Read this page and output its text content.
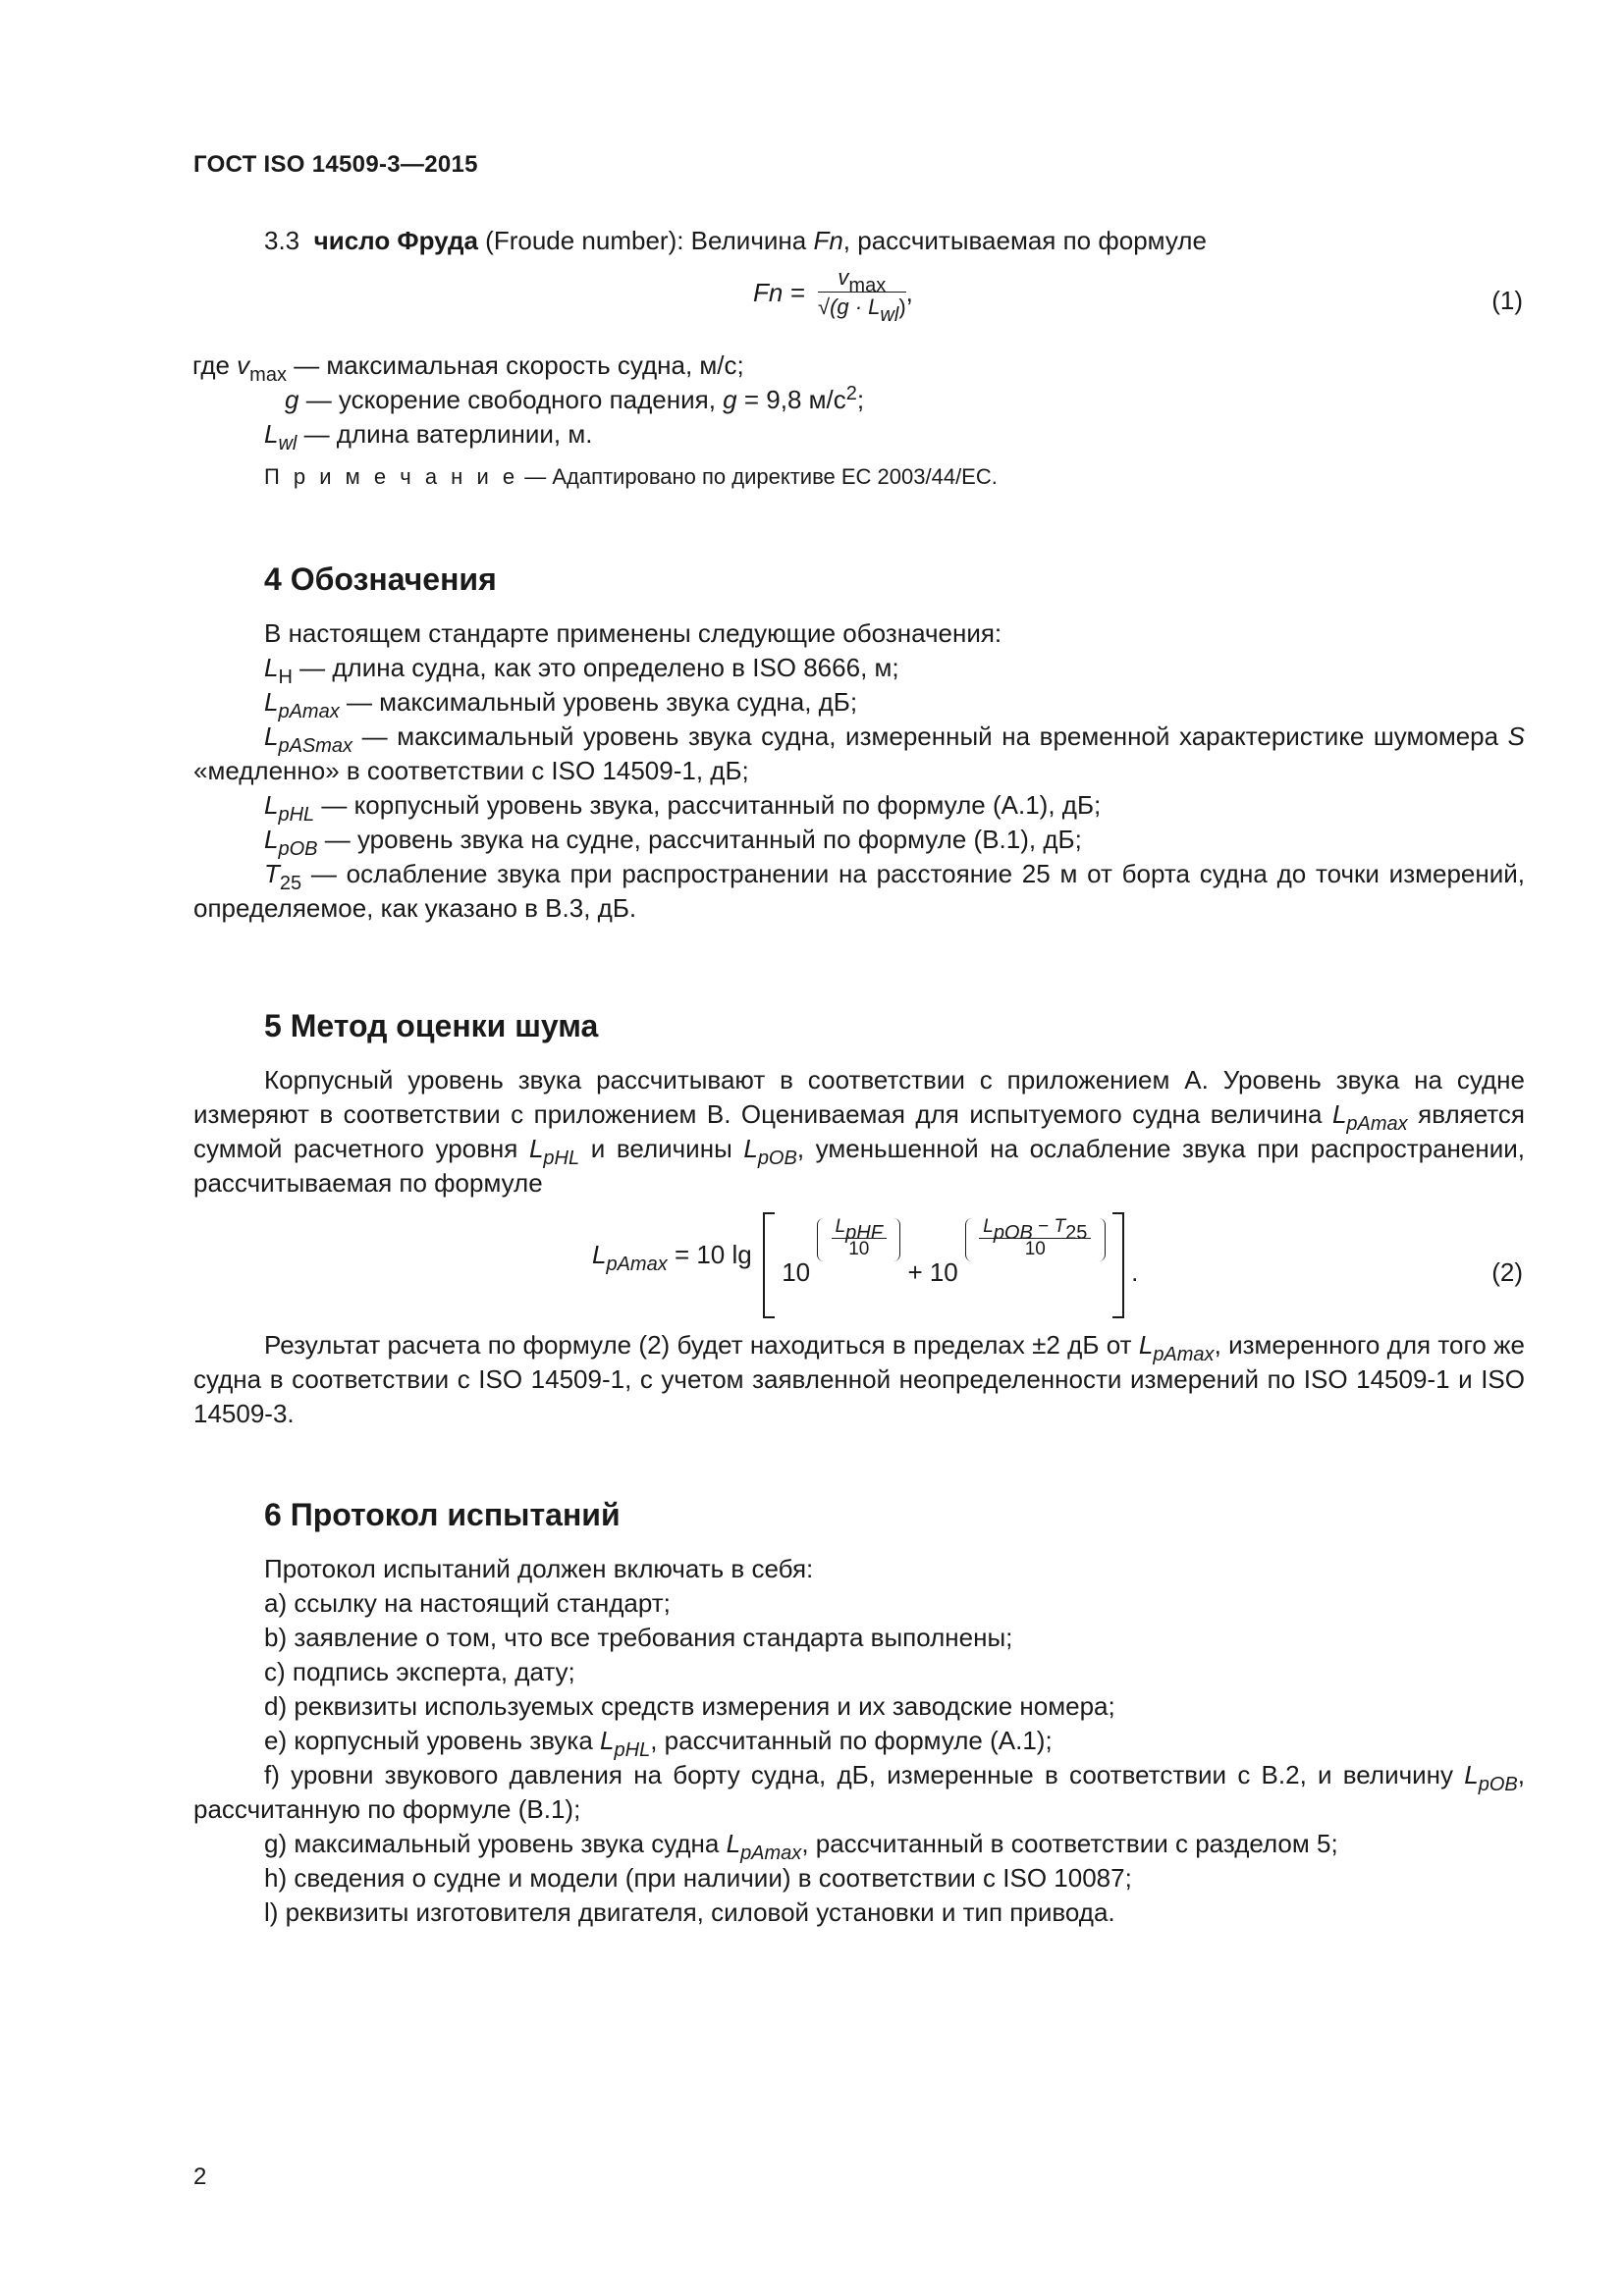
ГОСТ ISO 14509-3—2015

3.3 число Фруда (Froude number): Величина Fn, рассчитываемая по формуле

$Fn = \frac{v_{max}}{√(g \cdot L_{wl})}$ ,	(1)

где $v_{max}$ — максимальная скорость судна, м/с;

g — ускорение свободного падения, g = 9,8 $м/с^2$;

$L_{wl}$ — длина ватерлинии, м.

П р и м е ч а н и е — Адаптировано по директиве ЕС 2003/44/ЕС.

4 Обозначения

В настоящем стандарте применены следующие обозначения:

$L_H$ — длина судна, как это определено в ISO 8666, м;

$L_{pAmax}$ — максимальный уровень звука судна, дБ;

$L_{pASmax}$ — максимальный уровень звука судна, измеренный на временной характеристике шумомера S «медленно» в соответствии с ISO 14509-1, дБ;

$L_{pHL}$ — корпусный уровень звука, рассчитанный по формуле (А.1), дБ;

$L_{pOB}$ — уровень звука на судне, рассчитанный по формуле (В.1), дБ;

$T_{25}$ — ослабление звука при распространении на расстояние 25 м от борта судна до точки измерений, определяемое, как указано в В.3, дБ.

5 Метод оценки шума

Корпусный уровень звука рассчитывают в соответствии с приложением А. Уровень звука на судне измеряют в соответствии с приложением В. Оцениваемая для испытуемого судна величина $L_{pAmax}$ является суммой расчетного уровня $L_{pHL}$ и величины $L_{pOB}$, уменьшенной на ослабление звука при распространении, рассчитываемая по формуле

$L_{pAmax} = 10$ lg  10
$\frac{L_{pHF}}{10}$
+ 10
$\frac{L_{pOB} - T_{25}}{10}$
.	(2)

Результат расчета по формуле (2) будет находиться в пределах ±2 дБ от $L_{pAmax}$, измеренного для того же судна в соответствии с ISO 14509-1, с учетом заявленной неопределенности измерений по ISO 14509-1 и ISO 14509-3.

6 Протокол испытаний

Протокол испытаний должен включать в себя:

a) ссылку на настоящий стандарт;

b) заявление о том, что все требования стандарта выполнены;

c) подпись эксперта, дату;

d) реквизиты используемых средств измерения и их заводские номера;

e) корпусный уровень звука $L_{pHL}$, рассчитанный по формуле (А.1);

f) уровни звукового давления на борту судна, дБ, измеренные в соответствии с В.2, и величину $L_{pOB}$, рассчитанную по формуле (В.1);

g) максимальный уровень звука судна $L_{pAmax}$, рассчитанный в соответствии с разделом 5;

h) сведения о судне и модели (при наличии) в соответствии с ISO 10087;

l) реквизиты изготовителя двигателя, силовой установки и тип привода.

2
